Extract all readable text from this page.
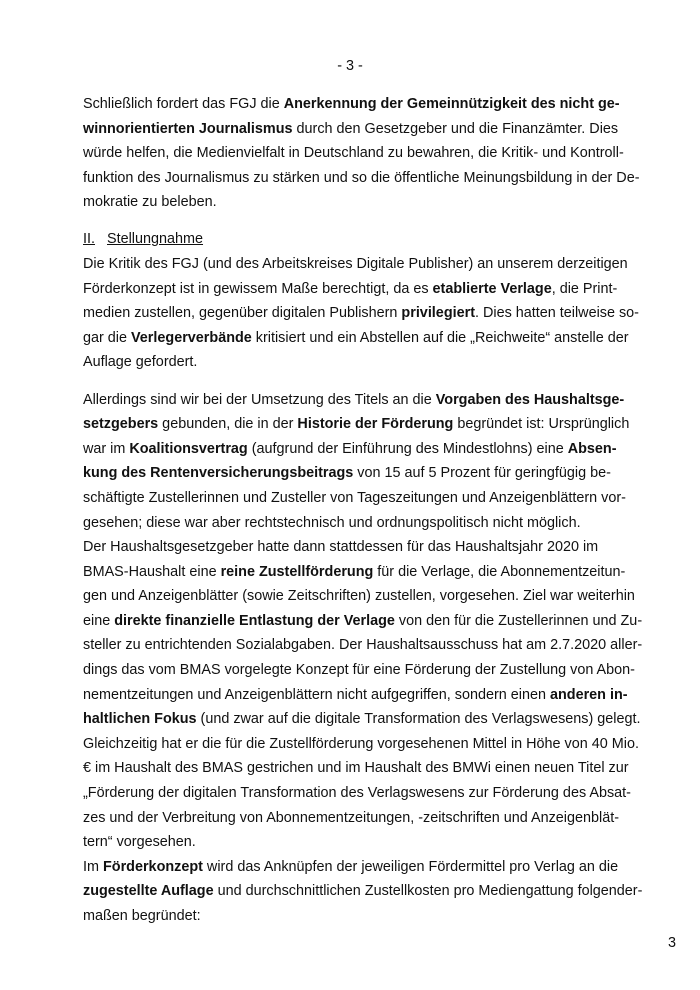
- 3 -
Schließlich fordert das FGJ die Anerkennung der Gemeinnützigkeit des nicht ge-
winnorientierten Journalismus durch den Gesetzgeber und die Finanzämter. Dies
würde helfen, die Medienvielfalt in Deutschland zu bewahren, die Kritik- und Kontroll-
funktion des Journalismus zu stärken und so die öffentliche Meinungsbildung in der De-
mokratie zu beleben.
II. Stellungnahme
Die Kritik des FGJ (und des Arbeitskreises Digitale Publisher) an unserem derzeitigen
Förderkonzept ist in gewissem Maße berechtigt, da es etablierte Verlage, die Print-
medien zustellen, gegenüber digitalen Publishern privilegiert. Dies hatten teilweise so-
gar die Verlegerverbände kritisiert und ein Abstellen auf die „Reichweite“ anstelle der
Auflage gefordert.
Allerdings sind wir bei der Umsetzung des Titels an die Vorgaben des Haushaltsge-
setzgebers gebunden, die in der Historie der Förderung begründet ist: Ursprünglich
war im Koalitionsvertrag (aufgrund der Einführung des Mindestlohns) eine Absen-
kung des Rentenversicherungsbeitrags von 15 auf 5 Prozent für geringfügig be-
schäftigte Zustellerinnen und Zusteller von Tageszeitungen und Anzeigenblättern vor-
gesehen; diese war aber rechtstechnisch und ordnungspolitisch nicht möglich.
Der Haushaltsgesetzgeber hatte dann stattdessen für das Haushaltsjahr 2020 im
BMAS-Haushalt eine reine Zustellförderung für die Verlage, die Abonnementzeitun-
gen und Anzeigenblätter (sowie Zeitschriften) zustellen, vorgesehen. Ziel war weiterhin
eine direkte finanzielle Entlastung der Verlage von den für die Zustellerinnen und Zu-
steller zu entrichtenden Sozialabgaben. Der Haushaltsausschuss hat am 2.7.2020 aller-
dings das vom BMAS vorgelegte Konzept für eine Förderung der Zustellung von Abon-
nementzeitungen und Anzeigenblättern nicht aufgegriffen, sondern einen anderen in-
haltlichen Fokus (und zwar auf die digitale Transformation des Verlagswesens) gelegt.
Gleichzeitig hat er die für die Zustellförderung vorgesehenen Mittel in Höhe von 40 Mio.
€ im Haushalt des BMAS gestrichen und im Haushalt des BMWi einen neuen Titel zur
„Förderung der digitalen Transformation des Verlagswesens zur Förderung des Absat-
zes und der Verbreitung von Abonnementzeitungen, -zeitschriften und Anzeigenblät-
tern“ vorgesehen.
Im Förderkonzept wird das Anknüpfen der jeweiligen Fördermittel pro Verlag an die
zugestellte Auflage und durchschnittlichen Zustellkosten pro Mediengattung folgender-
maßen begründet:
3
